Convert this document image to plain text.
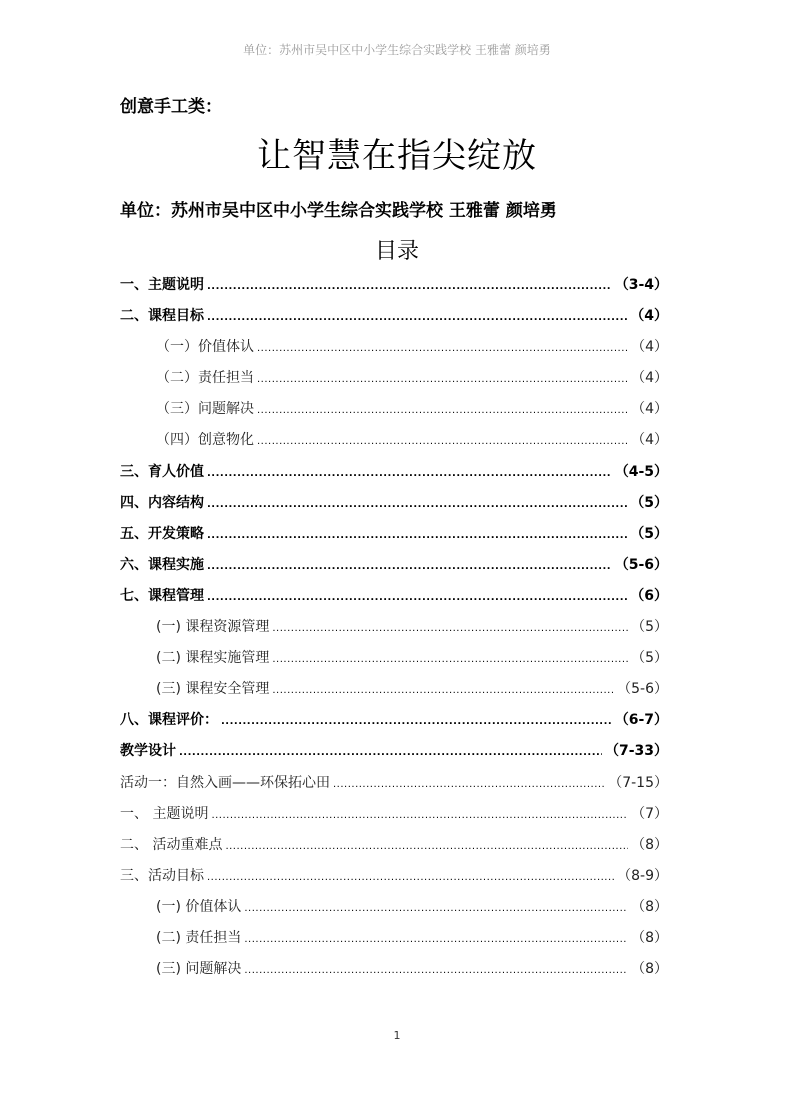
单位：苏州市吴中区中小学生综合实践学校 王雅蕾 颜培勇
创意手工类：
让智慧在指尖绽放
单位：苏州市吴中区中小学生综合实践学校 王雅蕾 颜培勇
目录
一、主题说明 .....	（3-4）
二、课程目标 .....	（4）
（一）价值体认 .....	（4）
（二）责任担当 .....	（4）
（三）问题解决 .....	（4）
（四）创意物化 .....	（4）
三、育人价值 .....	（4-5）
四、内容结构 .....	（5）
五、开发策略 .....	（5）
六、课程实施 .....	（5-6）
七、课程管理 .....	（6）
(一) 课程资源管理 .....	（5）
(二) 课程实施管理 .....	（5）
(三) 课程安全管理 .....	（5-6）
八、课程评价： .....	（6-7）
教学设计 .....	（7-33）
活动一：自然入画——环保拓心田 .....	（7-15）
一、 主题说明 .....	（7）
二、 活动重难点 .....	（8）
三、活动目标 .....	（8-9）
(一) 价值体认 .....	（8）
(二) 责任担当 .....	（8）
(三) 问题解决 .....	（8）
1
